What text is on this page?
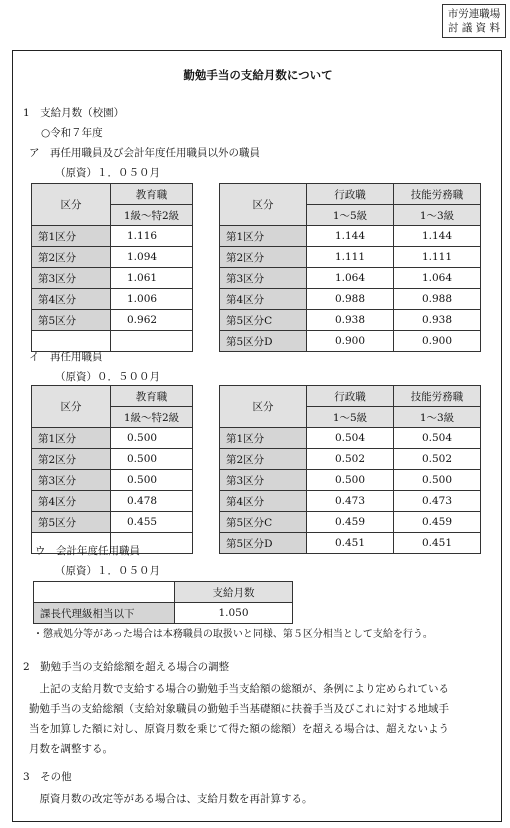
市労連職場
討 議 資 料
勤勉手当の支給月数について
1　支給月数（校園）
○令和７年度
ア　再任用職員及び会計年度任用職員以外の職員
（原資）１．０５０月
区分	教育職
	1級～特2級
第1区分	1.116
第2区分	1.094
第3区分	1.061
第4区分	1.006
第5区分	0.962

区分	行政職	技能労務職
	1～5級	1～3級
第1区分	1.144	1.144
第2区分	1.111	1.111
第3区分	1.064	1.064
第4区分	0.988	0.988
第5区分C	0.938	0.938
第5区分D	0.900	0.900
イ　再任用職員
（原資）０．５００月
区分	教育職
	1級～特2級
第1区分	0.500
第2区分	0.500
第3区分	0.500
第4区分	0.478
第5区分	0.455

区分	行政職	技能労務職
	1～5級	1～3級
第1区分	0.504	0.504
第2区分	0.502	0.502
第3区分	0.500	0.500
第4区分	0.473	0.473
第5区分C	0.459	0.459
第5区分D	0.451	0.451
ウ　会計年度任用職員
（原資）１．０５０月
	支給月数
課長代理級相当以下	1.050
・懲戒処分等があった場合は本務職員の取扱いと同様、第５区分相当として支給を行う。
2　勤勉手当の支給総額を超える場合の調整
　上記の支給月数で支給する場合の勤勉手当支給額の総額が、条例により定められている
勤勉手当の支給総額（支給対象職員の勤勉手当基礎額に扶養手当及びこれに対する地域手
当を加算した額に対し、原資月数を乗じて得た額の総額）を超える場合は、超えないよう
月数を調整する。
3　その他
　原資月数の改定等がある場合は、支給月数を再計算する。
